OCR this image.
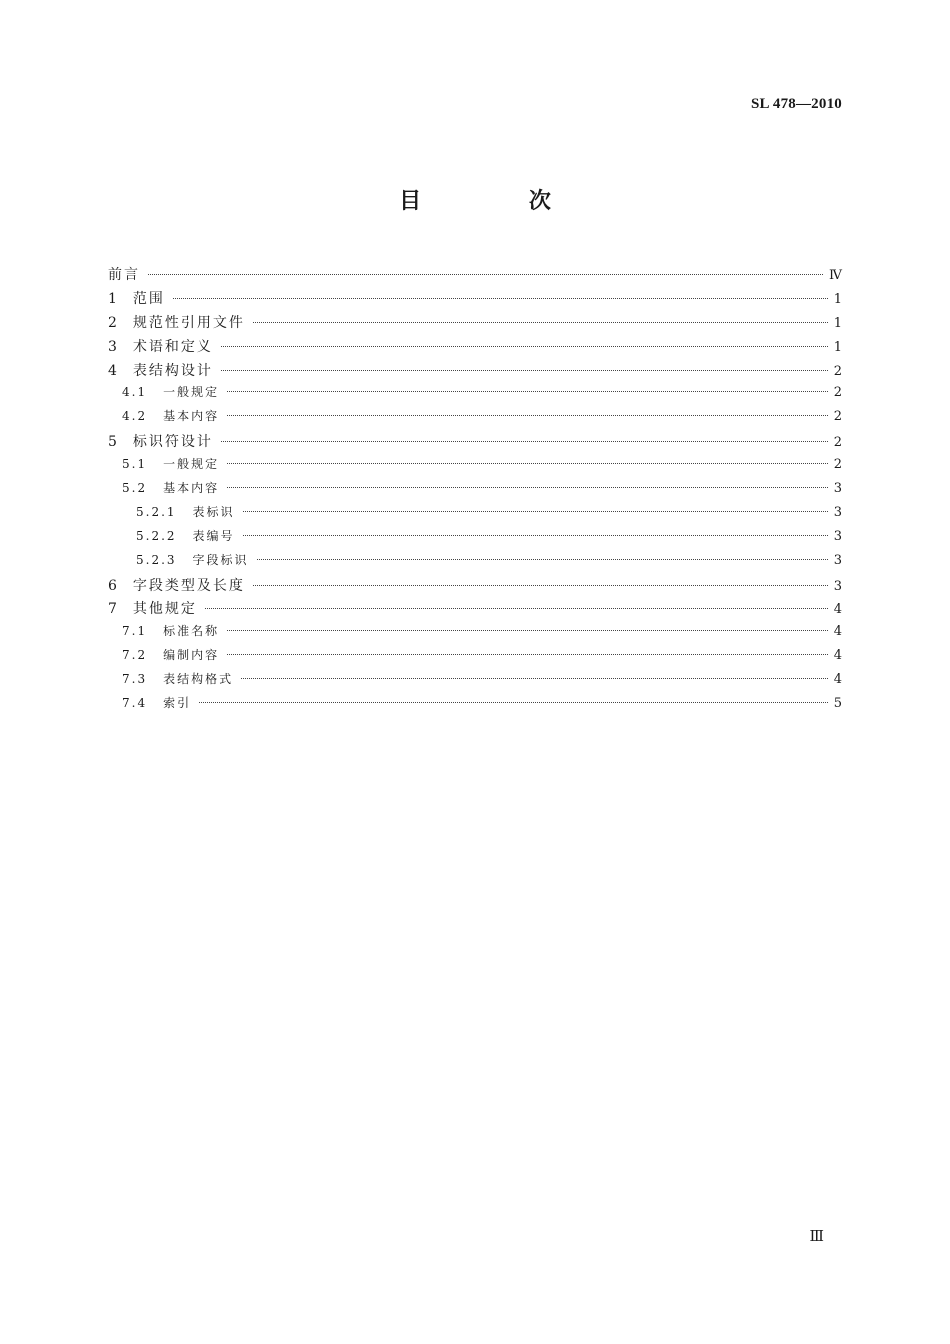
SL 478—2010
目 次
前言	Ⅳ
1 范围	1
2 规范性引用文件	1
3 术语和定义	1
4 表结构设计	2
4.1 一般规定	2
4.2 基本内容	2
5 标识符设计	2
5.1 一般规定	2
5.2 基本内容	3
5.2.1 表标识	3
5.2.2 表编号	3
5.2.3 字段标识	3
6 字段类型及长度	3
7 其他规定	4
7.1 标准名称	4
7.2 编制内容	4
7.3 表结构格式	4
7.4 索引	5
Ⅲ
